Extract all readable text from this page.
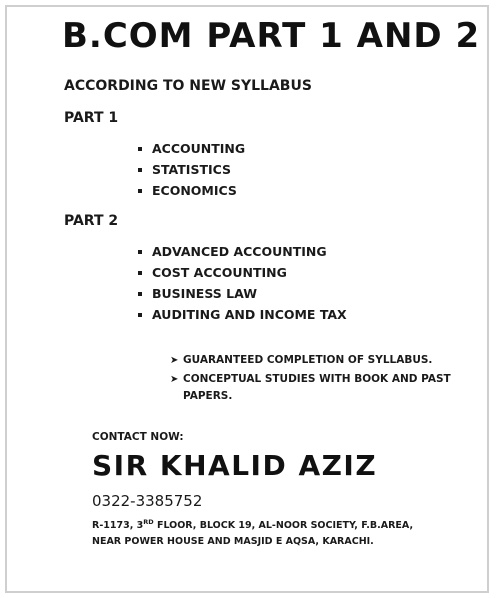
B.COM PART 1 AND 2
ACCORDING TO NEW SYLLABUS
PART 1
ACCOUNTING
STATISTICS
ECONOMICS
PART 2
ADVANCED ACCOUNTING
COST ACCOUNTING
BUSINESS LAW
AUDITING AND INCOME TAX
➤ GUARANTEED COMPLETION OF SYLLABUS.
➤ CONCEPTUAL STUDIES WITH BOOK AND PAST PAPERS.
CONTACT NOW:
SIR KHALID AZIZ
0322-3385752
R-1173, 3RD FLOOR, BLOCK 19, AL-NOOR SOCIETY, F.B.AREA, NEAR POWER HOUSE AND MASJID E AQSA, KARACHI.
